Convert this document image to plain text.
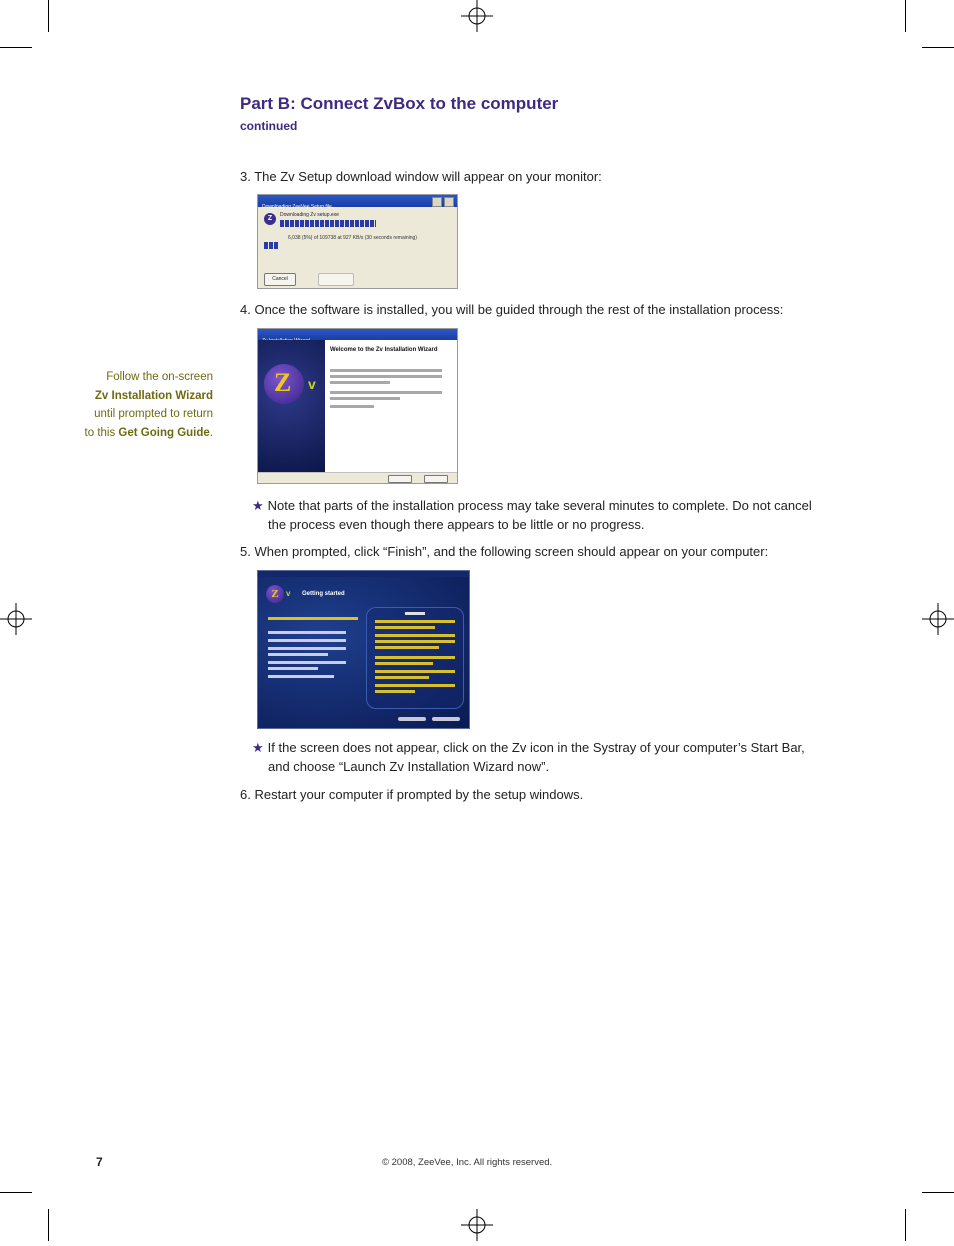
Part B: Connect ZvBox to the computer
continued
Follow the on-screen
Zv Installation Wizard
until prompted to return
to this Get Going Guide.
3. The Zv Setup download window will appear on your monitor:
Downloading ZeeVee Setup file...
Z	Downloading Zv setup.exe
6,038 (5%) of 109738 at 927 KB/s (30 seconds remaining)
Cancel
4. Once the software is installed, you will be guided through the rest of the installation process:
Z v
Welcome to the Zv Installation Wizard
★ Note that parts of the installation process may take several minutes to complete. Do not cancel
the process even though there appears to be little or no progress.
5. When prompted, click “Finish”, and the following screen should appear on your computer:
Z v Getting started
★ If the screen does not appear, click on the Zv icon in the Systray of your computer’s Start Bar,
and choose “Launch Zv Installation Wizard now”.
6. Restart your computer if prompted by the setup windows.
7	© 2008, ZeeVee, Inc. All rights reserved.
